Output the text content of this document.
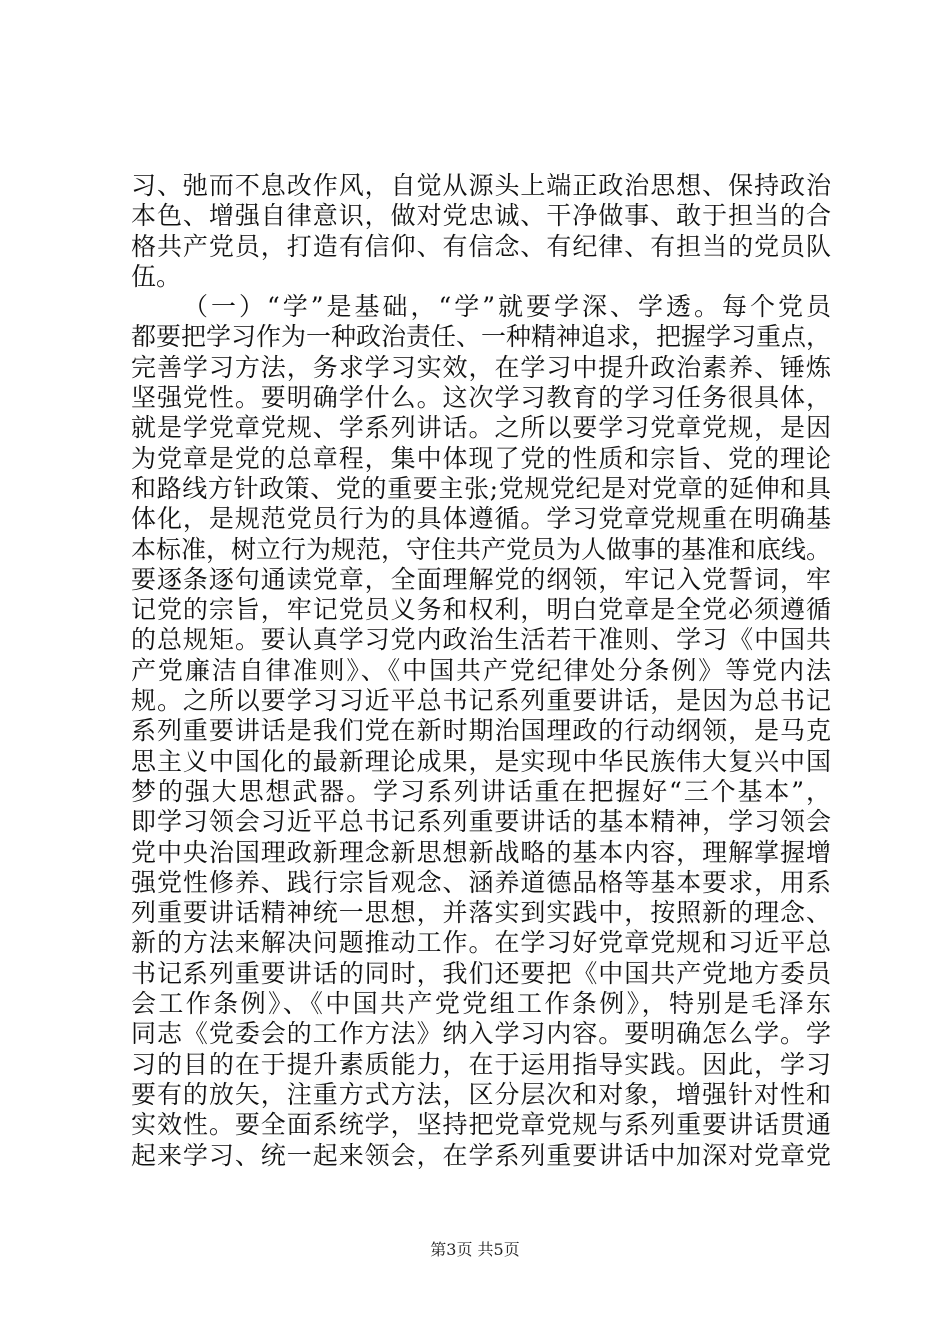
习、弛而不息改作风，自觉从源头上端正政治思想、保持政治
本色、增强自律意识，做对党忠诚、干净做事、敢于担当的合
格共产党员，打造有信仰、有信念、有纪律、有担当的党员队
伍。
（一）“学”是基础，“学”就要学深、学透。每个党员
都要把学习作为一种政治责任、一种精神追求，把握学习重点，
完善学习方法，务求学习实效，在学习中提升政治素养、锤炼
坚强党性。要明确学什么。这次学习教育的学习任务很具体，
就是学党章党规、学系列讲话。之所以要学习党章党规，是因
为党章是党的总章程，集中体现了党的性质和宗旨、党的理论
和路线方针政策、党的重要主张;党规党纪是对党章的延伸和具
体化，是规范党员行为的具体遵循。学习党章党规重在明确基
本标准，树立行为规范，守住共产党员为人做事的基准和底线。
要逐条逐句通读党章，全面理解党的纲领，牢记入党誓词，牢
记党的宗旨，牢记党员义务和权利，明白党章是全党必须遵循
的总规矩。要认真学习党内政治生活若干准则、学习《中国共
产党廉洁自律准则》、《中国共产党纪律处分条例》等党内法
规。之所以要学习习近平总书记系列重要讲话，是因为总书记
系列重要讲话是我们党在新时期治国理政的行动纲领，是马克
思主义中国化的最新理论成果，是实现中华民族伟大复兴中国
梦的强大思想武器。学习系列讲话重在把握好“三个基本”，
即学习领会习近平总书记系列重要讲话的基本精神，学习领会
党中央治国理政新理念新思想新战略的基本内容，理解掌握增
强党性修养、践行宗旨观念、涵养道德品格等基本要求，用系
列重要讲话精神统一思想，并落实到实践中，按照新的理念、
新的方法来解决问题推动工作。在学习好党章党规和习近平总
书记系列重要讲话的同时，我们还要把《中国共产党地方委员
会工作条例》、《中国共产党党组工作条例》，特别是毛泽东
同志《党委会的工作方法》纳入学习内容。要明确怎么学。学
习的目的在于提升素质能力，在于运用指导实践。因此，学习
要有的放矢，注重方式方法，区分层次和对象，增强针对性和
实效性。要全面系统学，坚持把党章党规与系列重要讲话贯通
起来学习、统一起来领会，在学系列重要讲话中加深对党章党
第3页 共5页
